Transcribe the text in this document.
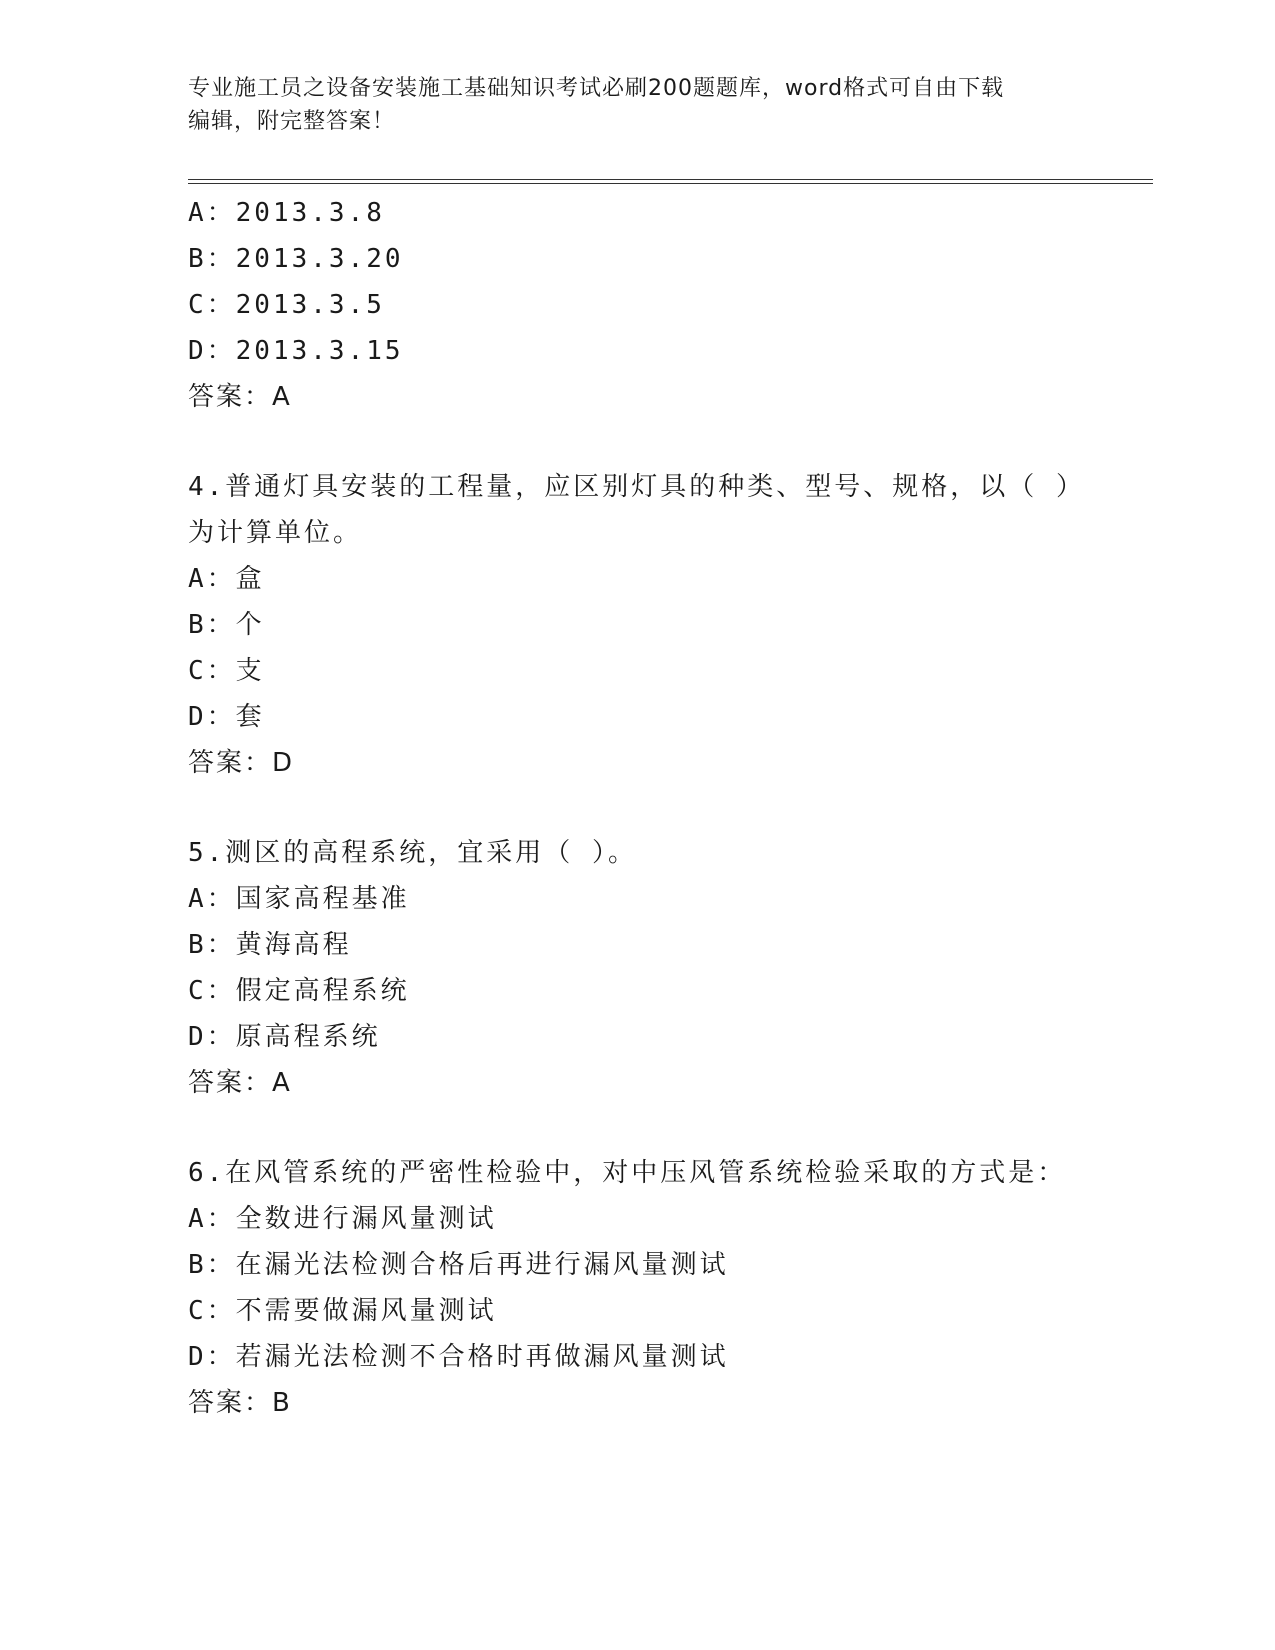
专业施工员之设备安装施工基础知识考试必刷200题题库，word格式可自由下载
编辑，附完整答案！
A：2013.3.8
B：2013.3.20
C：2013.3.5
D：2013.3.15
答案：A
4.普通灯具安装的工程量，应区别灯具的种类、型号、规格，以（ ）
为计算单位。
A：盒
B：个
C：支
D：套
答案：D
5.测区的高程系统，宜采用（ ）。
A：国家高程基准
B：黄海高程
C：假定高程系统
D：原高程系统
答案：A
6.在风管系统的严密性检验中，对中压风管系统检验采取的方式是：
A：全数进行漏风量测试
B：在漏光法检测合格后再进行漏风量测试
C：不需要做漏风量测试
D：若漏光法检测不合格时再做漏风量测试
答案：B
